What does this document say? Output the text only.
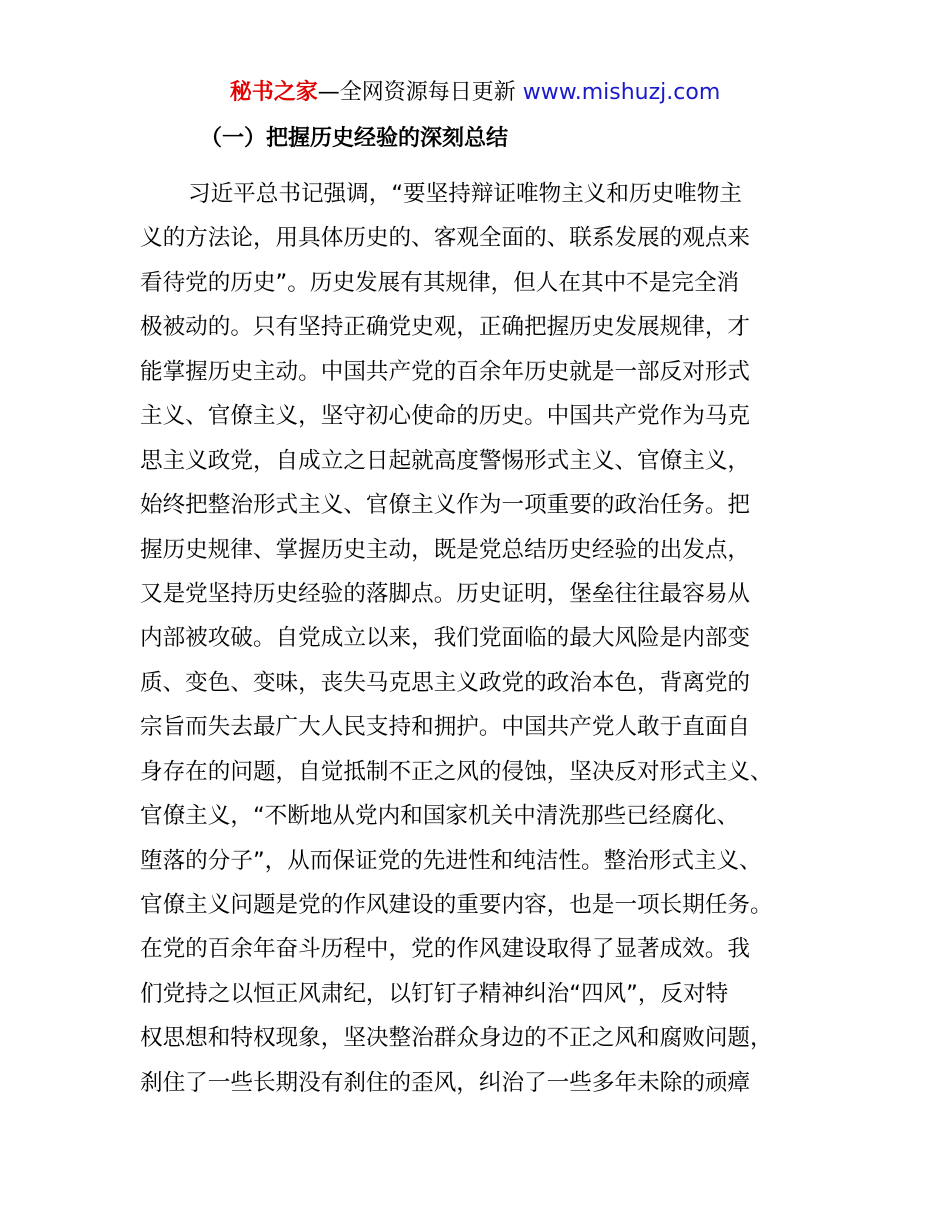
秘书之家—全网资源每日更新 www.mishuzj.com
（一）把握历史经验的深刻总结
习近平总书记强调，“要坚持辩证唯物主义和历史唯物主
义的方法论，用具体历史的、客观全面的、联系发展的观点来
看待党的历史”。历史发展有其规律，但人在其中不是完全消
极被动的。只有坚持正确党史观，正确把握历史发展规律，才
能掌握历史主动。中国共产党的百余年历史就是一部反对形式
主义、官僚主义，坚守初心使命的历史。中国共产党作为马克
思主义政党，自成立之日起就高度警惕形式主义、官僚主义，
始终把整治形式主义、官僚主义作为一项重要的政治任务。把
握历史规律、掌握历史主动，既是党总结历史经验的出发点，
又是党坚持历史经验的落脚点。历史证明，堡垒往往最容易从
内部被攻破。自党成立以来，我们党面临的最大风险是内部变
质、变色、变味，丧失马克思主义政党的政治本色，背离党的
宗旨而失去最广大人民支持和拥护。中国共产党人敢于直面自
身存在的问题，自觉抵制不正之风的侵蚀，坚决反对形式主义、
官僚主义，“不断地从党内和国家机关中清洗那些已经腐化、
堕落的分子”，从而保证党的先进性和纯洁性。整治形式主义、
官僚主义问题是党的作风建设的重要内容，也是一项长期任务。
在党的百余年奋斗历程中，党的作风建设取得了显著成效。我
们党持之以恒正风肃纪，以钉钉子精神纠治“四风”，反对特
权思想和特权现象，坚决整治群众身边的不正之风和腐败问题，
刹住了一些长期没有刹住的歪风，纠治了一些多年未除的顽瘴
